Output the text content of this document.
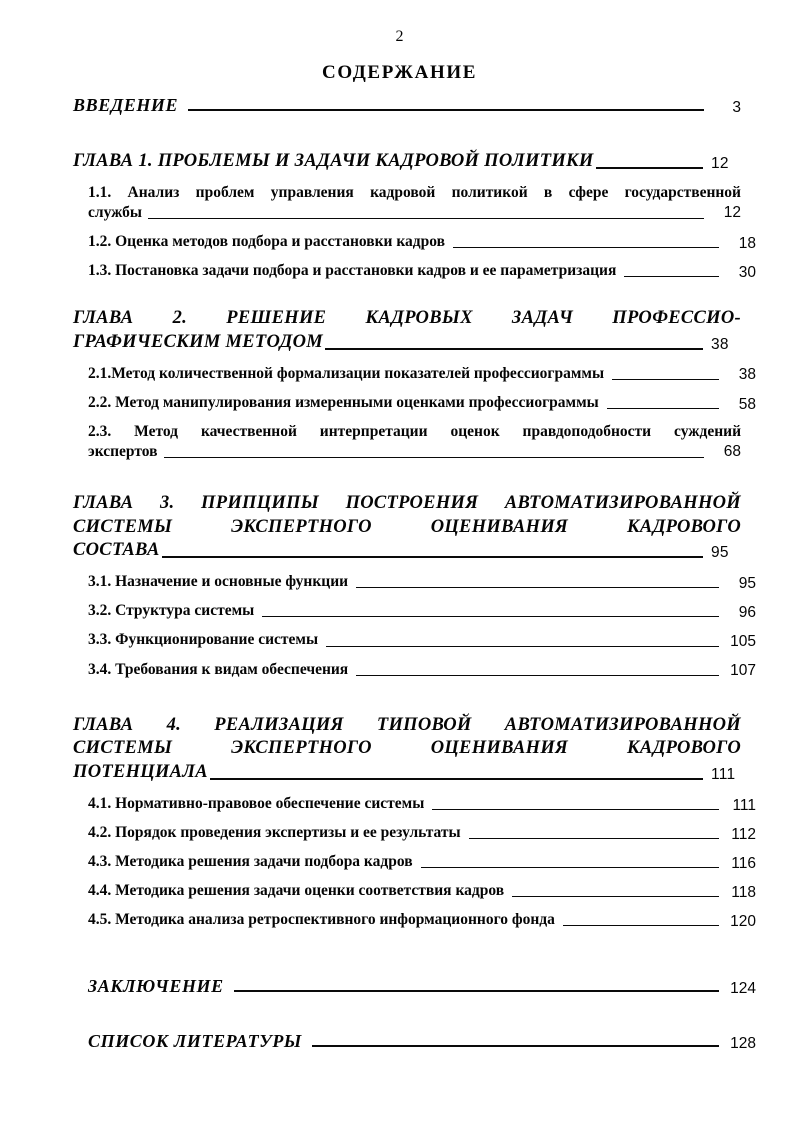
2
СОДЕРЖАНИЕ
ВВЕДЕНИЕ	3
ГЛАВА 1. ПРОБЛЕМЫ И ЗАДАЧИ КАДРОВОЙ ПОЛИТИКИ	12
1.1. Анализ проблем управления кадровой политикой в сфере государственной
службы	12
1.2. Оценка методов подбора и расстановки кадров	18
1.3. Постановка задачи подбора и расстановки кадров и ее параметризация	30
ГЛАВА 2. РЕШЕНИЕ КАДРОВЫХ ЗАДАЧ ПРОФЕССИО-
ГРАФИЧЕСКИМ МЕТОДОМ	38
2.1.Метод количественной формализации показателей профессиограммы	38
2.2. Метод манипулирования измеренными оценками профессиограммы	58
2.3. Метод качественной интерпретации оценок правдоподобности суждений
экспертов	68
ГЛАВА 3. ПРИПЦИПЫ ПОСТРОЕНИЯ АВТОМАТИЗИРОВАННОЙ
СИСТЕМЫ ЭКСПЕРТНОГО ОЦЕНИВАНИЯ КАДРОВОГО
СОСТАВА	95
3.1. Назначение и основные функции	95
3.2. Структура системы	96
3.3. Функционирование системы	105
3.4. Требования к видам обеспечения	107
ГЛАВА 4. РЕАЛИЗАЦИЯ ТИПОВОЙ АВТОМАТИЗИРОВАННОЙ
СИСТЕМЫ ЭКСПЕРТНОГО ОЦЕНИВАНИЯ КАДРОВОГО
ПОТЕНЦИАЛА	111
4.1. Нормативно-правовое обеспечение системы	111
4.2. Порядок проведения экспертизы и ее результаты	112
4.3. Методика решения задачи подбора кадров	116
4.4. Методика решения задачи оценки соответствия кадров	118
4.5. Методика анализа ретроспективного информационного фонда	120
ЗАКЛЮЧЕНИЕ	124
СПИСОК ЛИТЕРАТУРЫ	128
